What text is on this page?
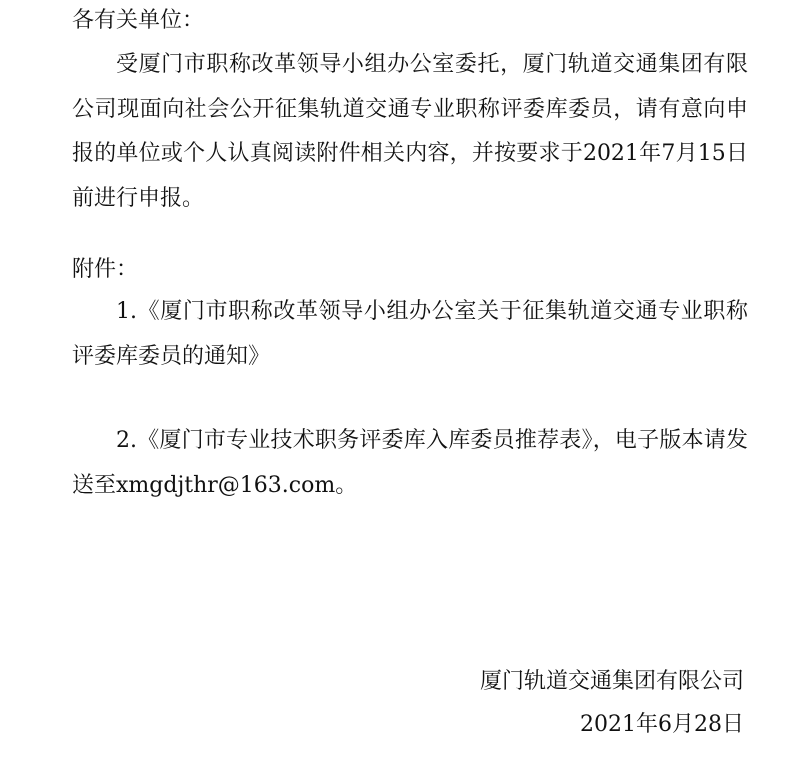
各有关单位：
受厦门市职称改革领导小组办公室委托，厦门轨道交通集团有限公司现面向社会公开征集轨道交通专业职称评委库委员，请有意向申报的单位或个人认真阅读附件相关内容，并按要求于2021年7月15日前进行申报。
附件：
1.《厦门市职称改革领导小组办公室关于征集轨道交通专业职称评委库委员的通知》
2.《厦门市专业技术职务评委库入库委员推荐表》，电子版本请发送至xmgdjthr@163.com。
厦门轨道交通集团有限公司
2021年6月28日
